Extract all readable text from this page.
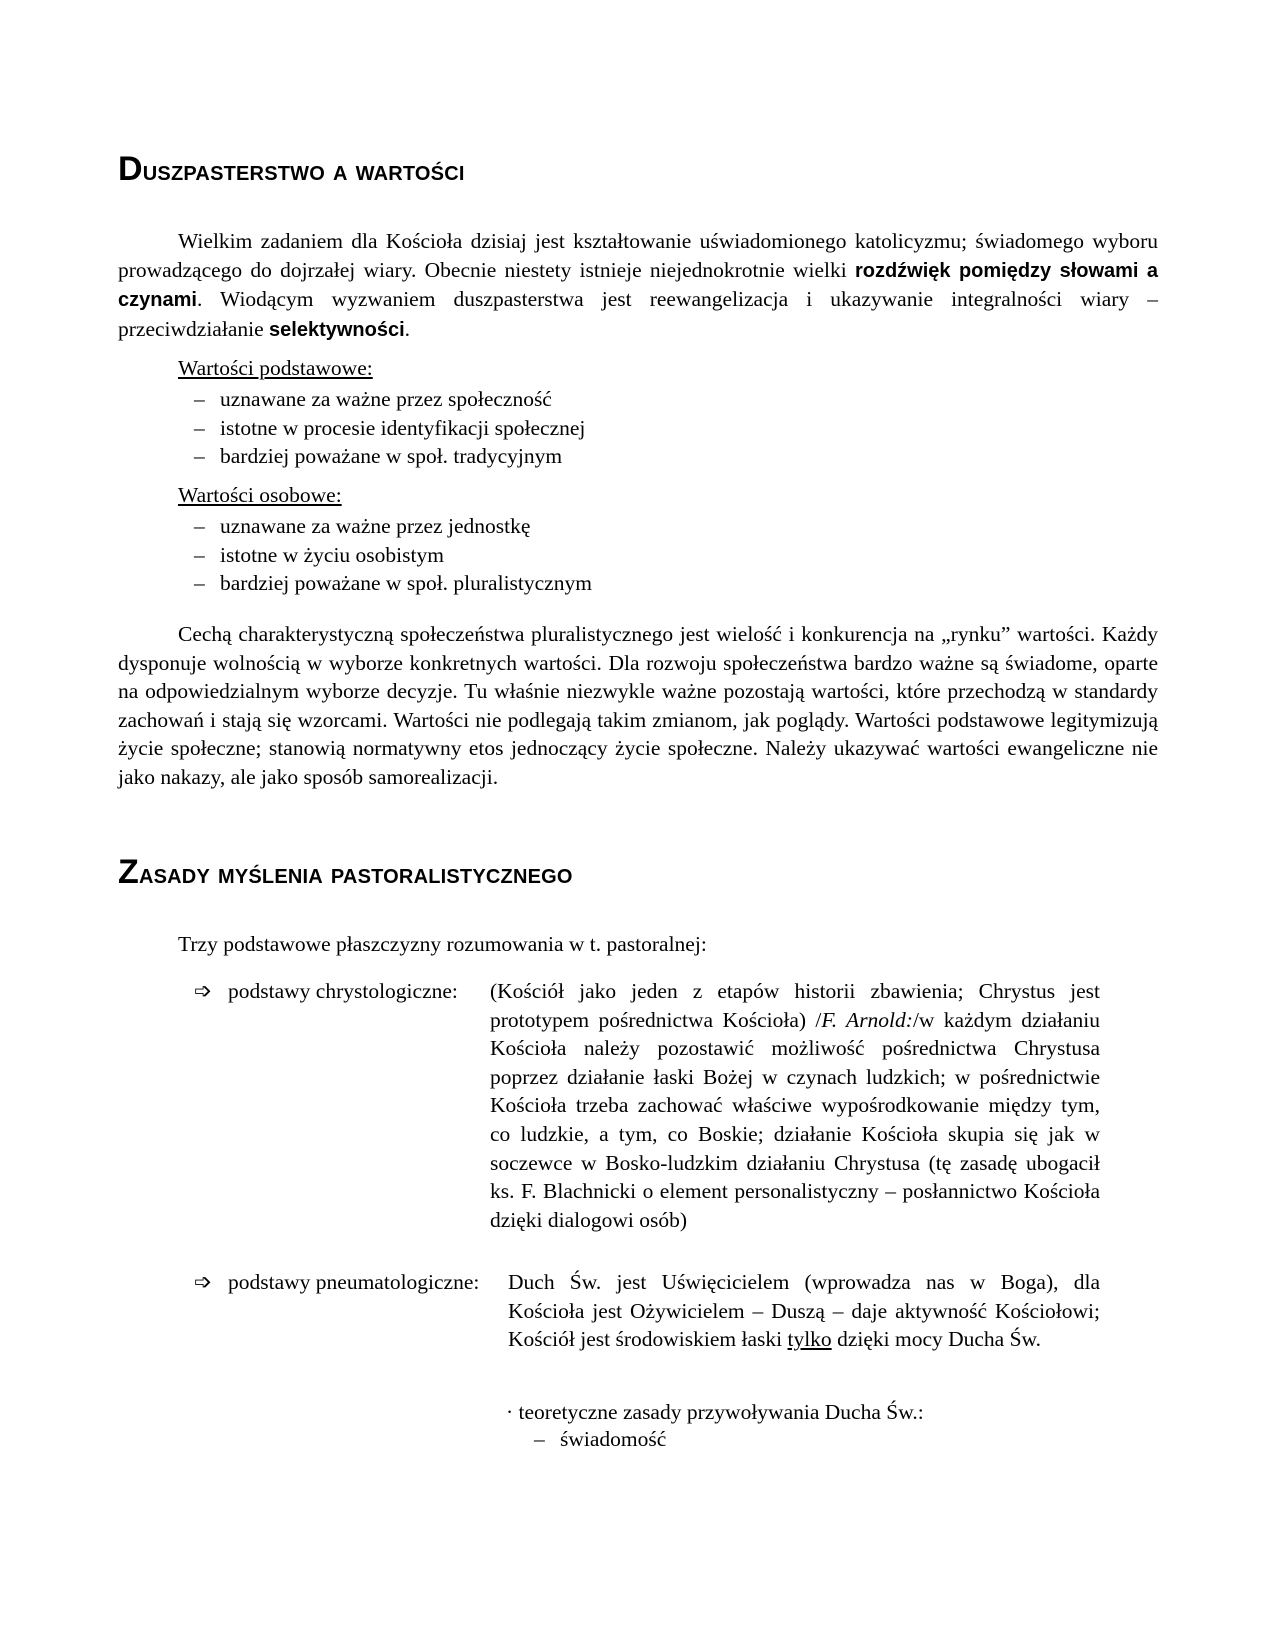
Duszpasterstwo a wartości
Wielkim zadaniem dla Kościoła dzisiaj jest kształtowanie uświadomionego katolicyzmu; świadomego wyboru prowadzącego do dojrzałej wiary. Obecnie niestety istnieje niejednokrotnie wielki rozdźwięk pomiędzy słowami a czynami. Wiodącym wyzwaniem duszpasterstwa jest reewangelizacja i ukazywanie integralności wiary – przeciwdziałanie selektywności.
Wartości podstawowe:
– uznawane za ważne przez społeczność
– istotne w procesie identyfikacji społecznej
– bardziej poważane w społ. tradycyjnym
Wartości osobowe:
– uznawane za ważne przez jednostkę
– istotne w życiu osobistym
– bardziej poważane w społ. pluralistycznym
Cechą charakterystyczną społeczeństwa pluralistycznego jest wielość i konkurencja na „rynku” wartości. Każdy dysponuje wolnością w wyborze konkretnych wartości. Dla rozwoju społeczeństwa bardzo ważne są świadome, oparte na odpowiedzialnym wyborze decyzje. Tu właśnie niezwykle ważne pozostają wartości, które przechodzą w standardy zachowań i stają się wzorcami. Wartości nie podlegają takim zmianom, jak poglądy. Wartości podstawowe legitymizują życie społeczne; stanowią normatywny etos jednoczący życie społeczne. Należy ukazywać wartości ewangeliczne nie jako nakazy, ale jako sposób samorealizacji.
Zasady myślenia pastoralistycznego
Trzy podstawowe płaszczyzny rozumowania w t. pastoralnej:
➩ podstawy chrystologiczne: (Kościół jako jeden z etapów historii zbawienia; Chrystus jest prototypem pośrednictwa Kościoła) /F. Arnold:/w każdym działaniu Kościoła należy pozostawić możliwość pośrednictwa Chrystusa poprzez działanie łaski Bożej w czynach ludzkich; w pośrednictwie Kościoła trzeba zachować właściwe wypośrodkowanie między tym, co ludzkie, a tym, co Boskie; działanie Kościoła skupia się jak w soczewce w Bosko-ludzkim działaniu Chrystusa (tę zasadę ubogacił ks. F. Blachnicki o element personalistyczny – posłannictwo Kościoła dzięki dialogowi osób)
➩ podstawy pneumatologiczne: Duch Św. jest Uświęcicielem (wprowadza nas w Boga), dla Kościoła jest Ożywicielem – Duszą – daje aktywność Kościołowi; Kościół jest środowiskiem łaski tylko dzięki mocy Ducha Św.
· teoretyczne zasady przywoływania Ducha Św.:
– świadomość
